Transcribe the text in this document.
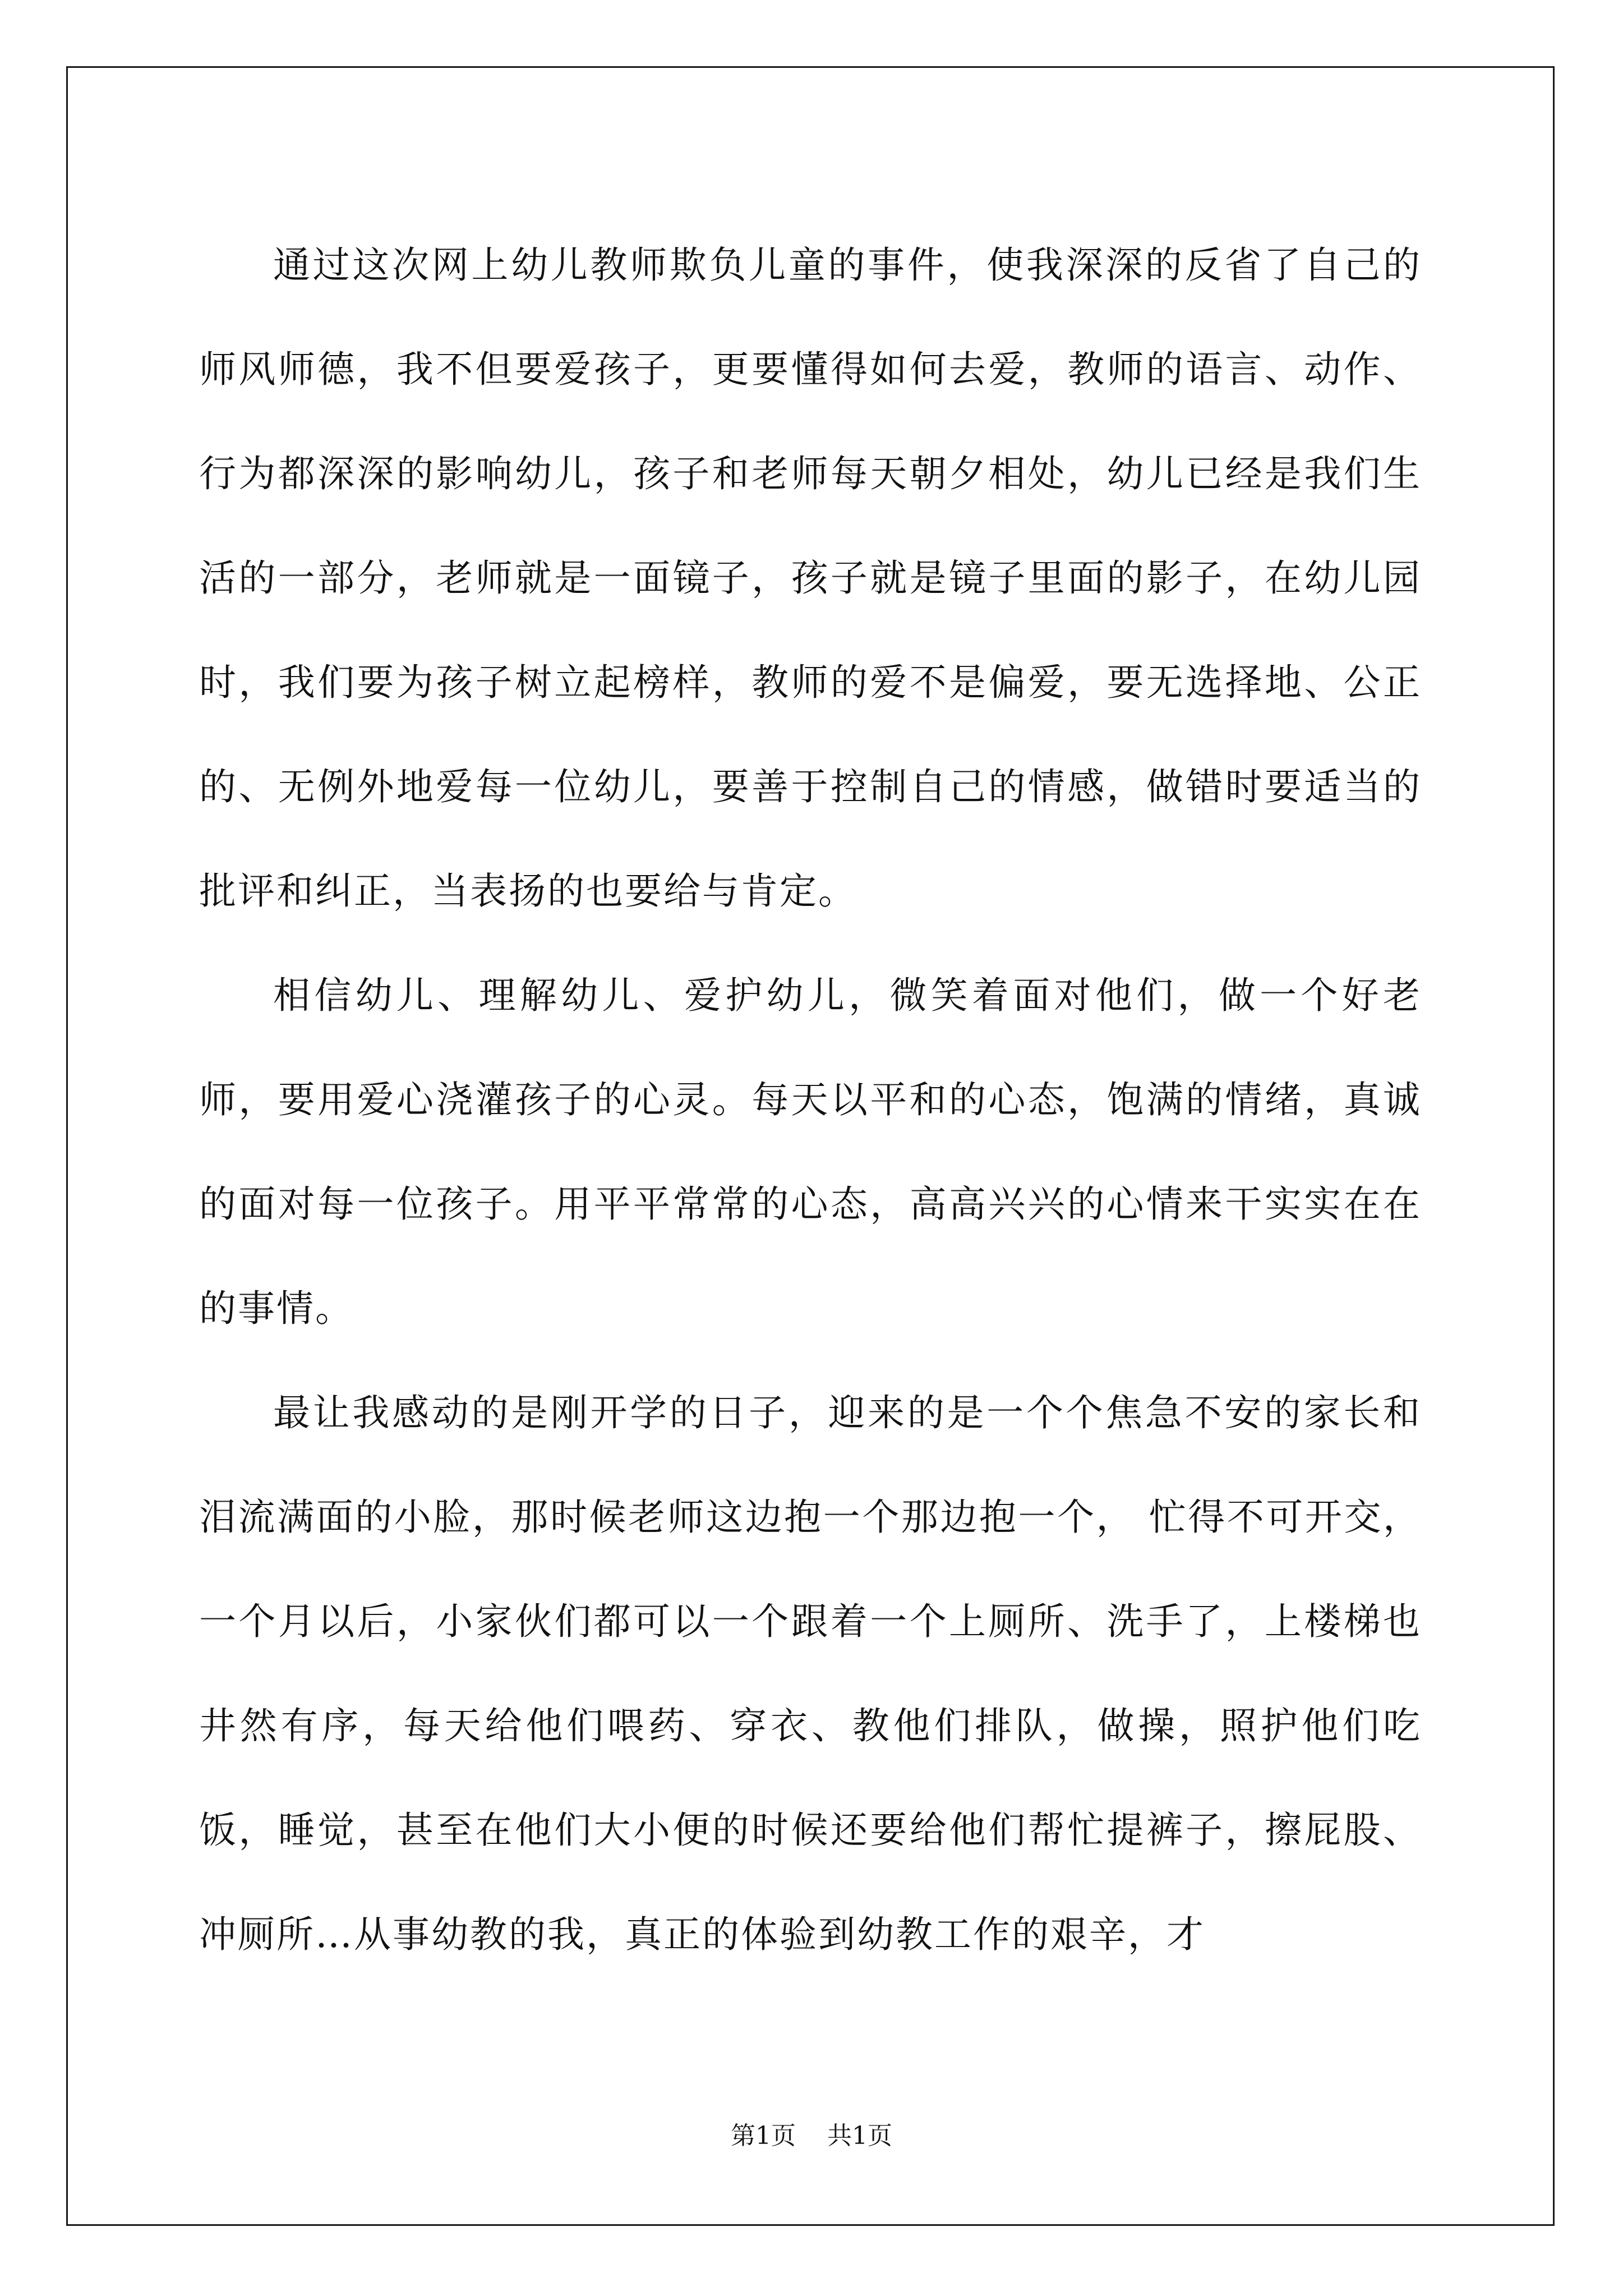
通过这次网上幼儿教师欺负儿童的事件，使我深深的反省了自己的师风师德，我不但要爱孩子，更要懂得如何去爱，教师的语言、动作、行为都深深的影响幼儿，孩子和老师每天朝夕相处，幼儿已经是我们生活的一部分，老师就是一面镜子，孩子就是镜子里面的影子，在幼儿园时，我们要为孩子树立起榜样，教师的爱不是偏爱，要无选择地、公正的、无例外地爱每一位幼儿，要善于控制自己的情感，做错时要适当的批评和纠正，当表扬的也要给与肯定。

相信幼儿、理解幼儿、爱护幼儿，微笑着面对他们，做一个好老师，要用爱心浇灌孩子的心灵。每天以平和的心态，饱满的情绪，真诚的面对每一位孩子。用平平常常的心态，高高兴兴的心情来干实实在在的事情。

最让我感动的是刚开学的日子，迎来的是一个个焦急不安的家长和泪流满面的小脸，那时候老师这边抱一个那边抱一个， 忙得不可开交，一个月以后，小家伙们都可以一个跟着一个上厕所、洗手了，上楼梯也井然有序，每天给他们喂药、穿衣、教他们排队，做操，照护他们吃饭，睡觉，甚至在他们大小便的时候还要给他们帮忙提裤子，擦屁股、冲厕所…从事幼教的我，真正的体验到幼教工作的艰辛，才

第1页 共1页
